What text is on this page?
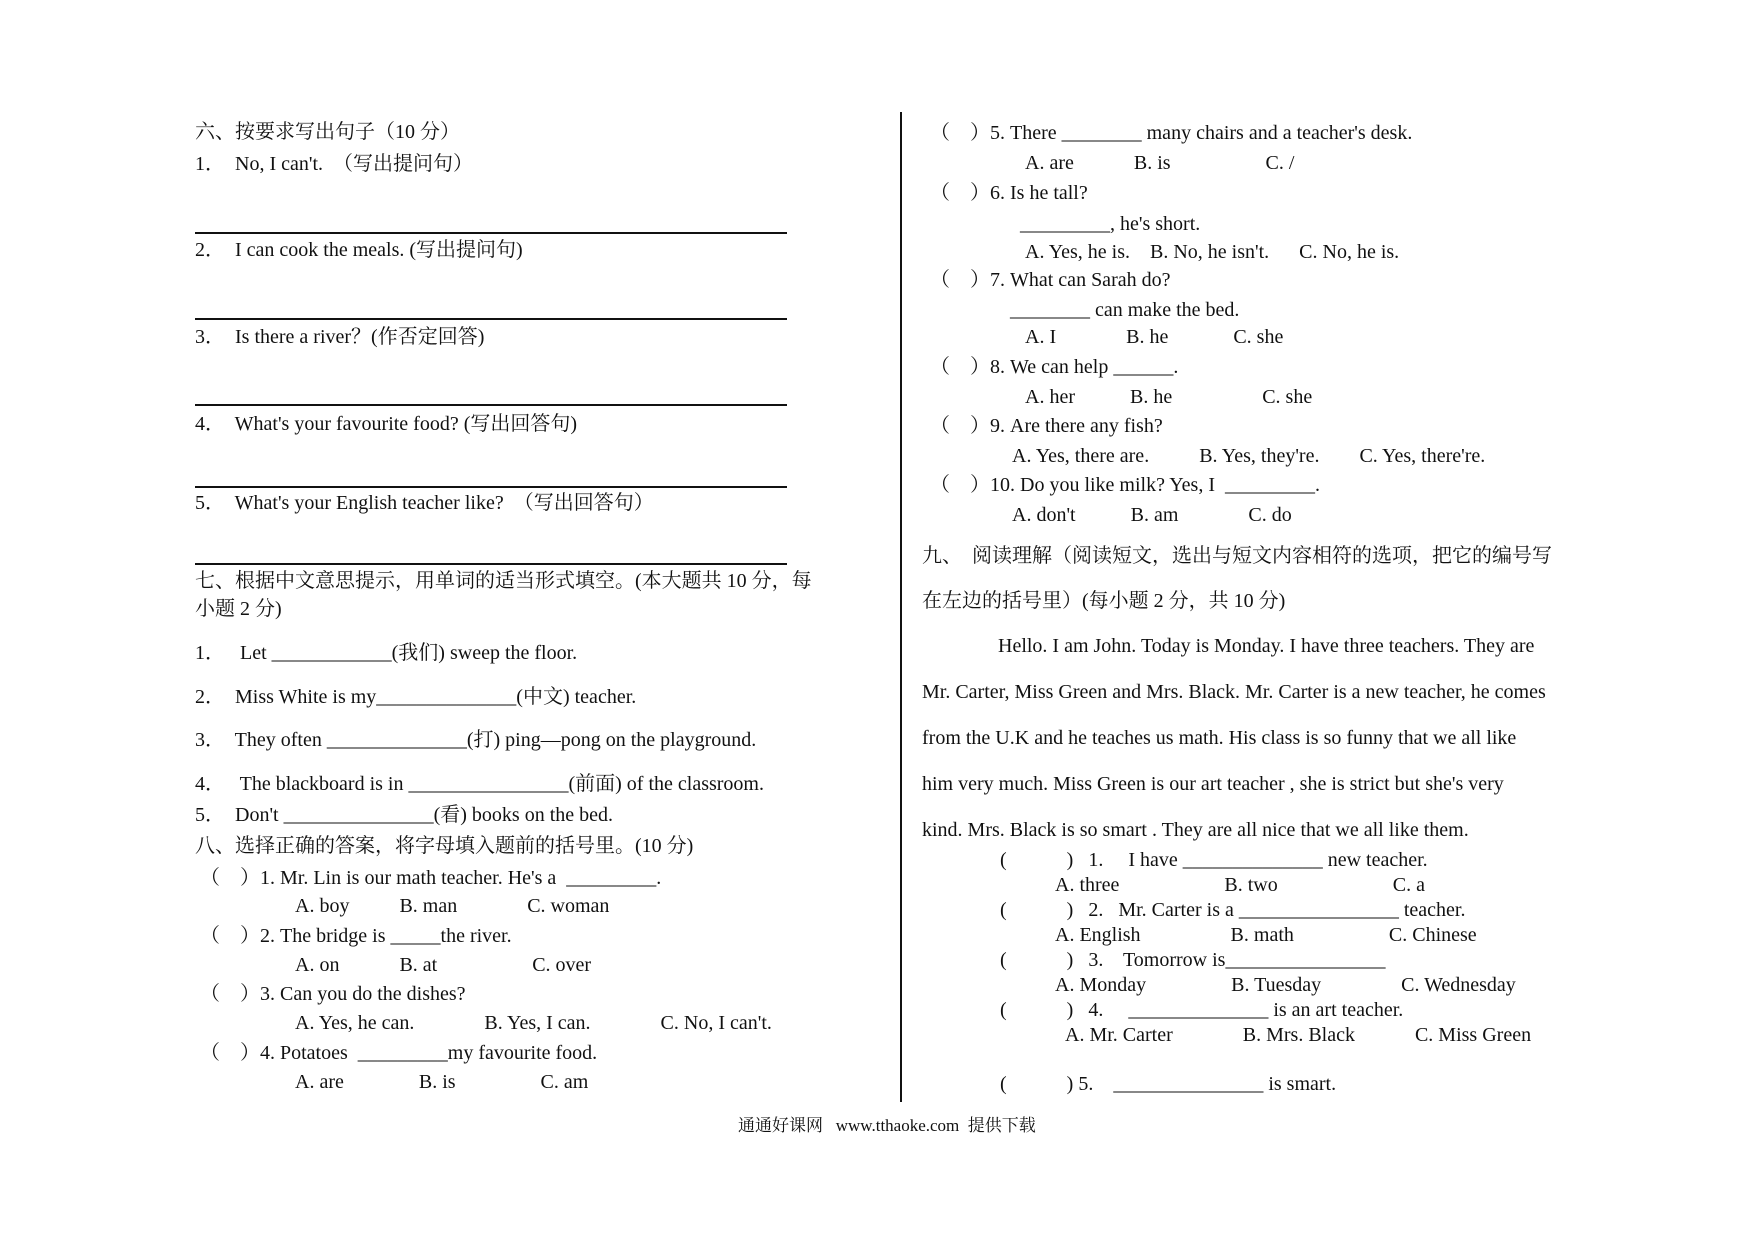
六、按要求写出句子（10 分）
1．  No, I can't.  （写出提问句）
2．  I can cook the meals. (写出提问句)
3．  Is there a river？(作否定回答)
4．  What's your favourite food? (写出回答句)
5．  What's your English teacher like?  （写出回答句）
七、根据中文意思提示，用单词的适当形式填空。(本大题共 10 分，每
小题 2 分)
1．   Let ____________(我们) sweep the floor.
2．  Miss White is my______________(中文) teacher.
3．  They often ______________(打) ping—pong on the playground.
4．   The blackboard is in ________________(前面) of the classroom.
5．  Don't _______________(看) books on the bed.
八、选择正确的答案，将字母填入题前的括号里。(10 分)
（    ）1. Mr. Lin is our math teacher. He's a  _________.
A. boy          B. man              C. woman
（    ）2. The bridge is _____the river.
A. on            B. at                   C. over
（    ）3. Can you do the dishes?
A. Yes, he can.              B. Yes, I can.              C. No, I can't.
（    ）4. Potatoes  _________my favourite food.
A. are               B. is                 C. am
（    ）5. There ________ many chairs and a teacher's desk.
A. are            B. is                   C. /
（    ）6. Is he tall?
_________, he's short.
A. Yes, he is.    B. No, he isn't.      C. No, he is.
（    ）7. What can Sarah do?
________ can make the bed.
A. I              B. he             C. she
（    ）8. We can help ______.
A. her           B. he                  C. she
（    ）9. Are there any fish?
A. Yes, there are.          B. Yes, they're.        C. Yes, there're.
（    ）10. Do you like milk? Yes, I  _________.
A. don't           B. am              C. do
九、  阅读理解（阅读短文，选出与短文内容相符的选项，把它的编号写
在左边的括号里）(每小题 2 分，共 10 分)
Hello. I am John. Today is Monday. I have three teachers. They are
Mr. Carter, Miss Green and Mrs. Black. Mr. Carter is a new teacher, he comes
from the U.K and he teaches us math. His class is so funny that we all like
him very much. Miss Green is our art teacher , she is strict but she's very
kind. Mrs. Black is so smart . They are all nice that we all like them.
(            )   1.     I have ______________ new teacher.
A. three                     B. two                       C. a
(            )   2.   Mr. Carter is a ________________ teacher.
A. English                  B. math                   C. Chinese
(            )   3.    Tomorrow is________________
A. Monday                 B. Tuesday                C. Wednesday
(            )   4.     ______________ is an art teacher.
A. Mr. Carter              B. Mrs. Black            C. Miss Green
(            ) 5.    _______________ is smart.
通通好课网   www.tthaoke.com  提供下载
